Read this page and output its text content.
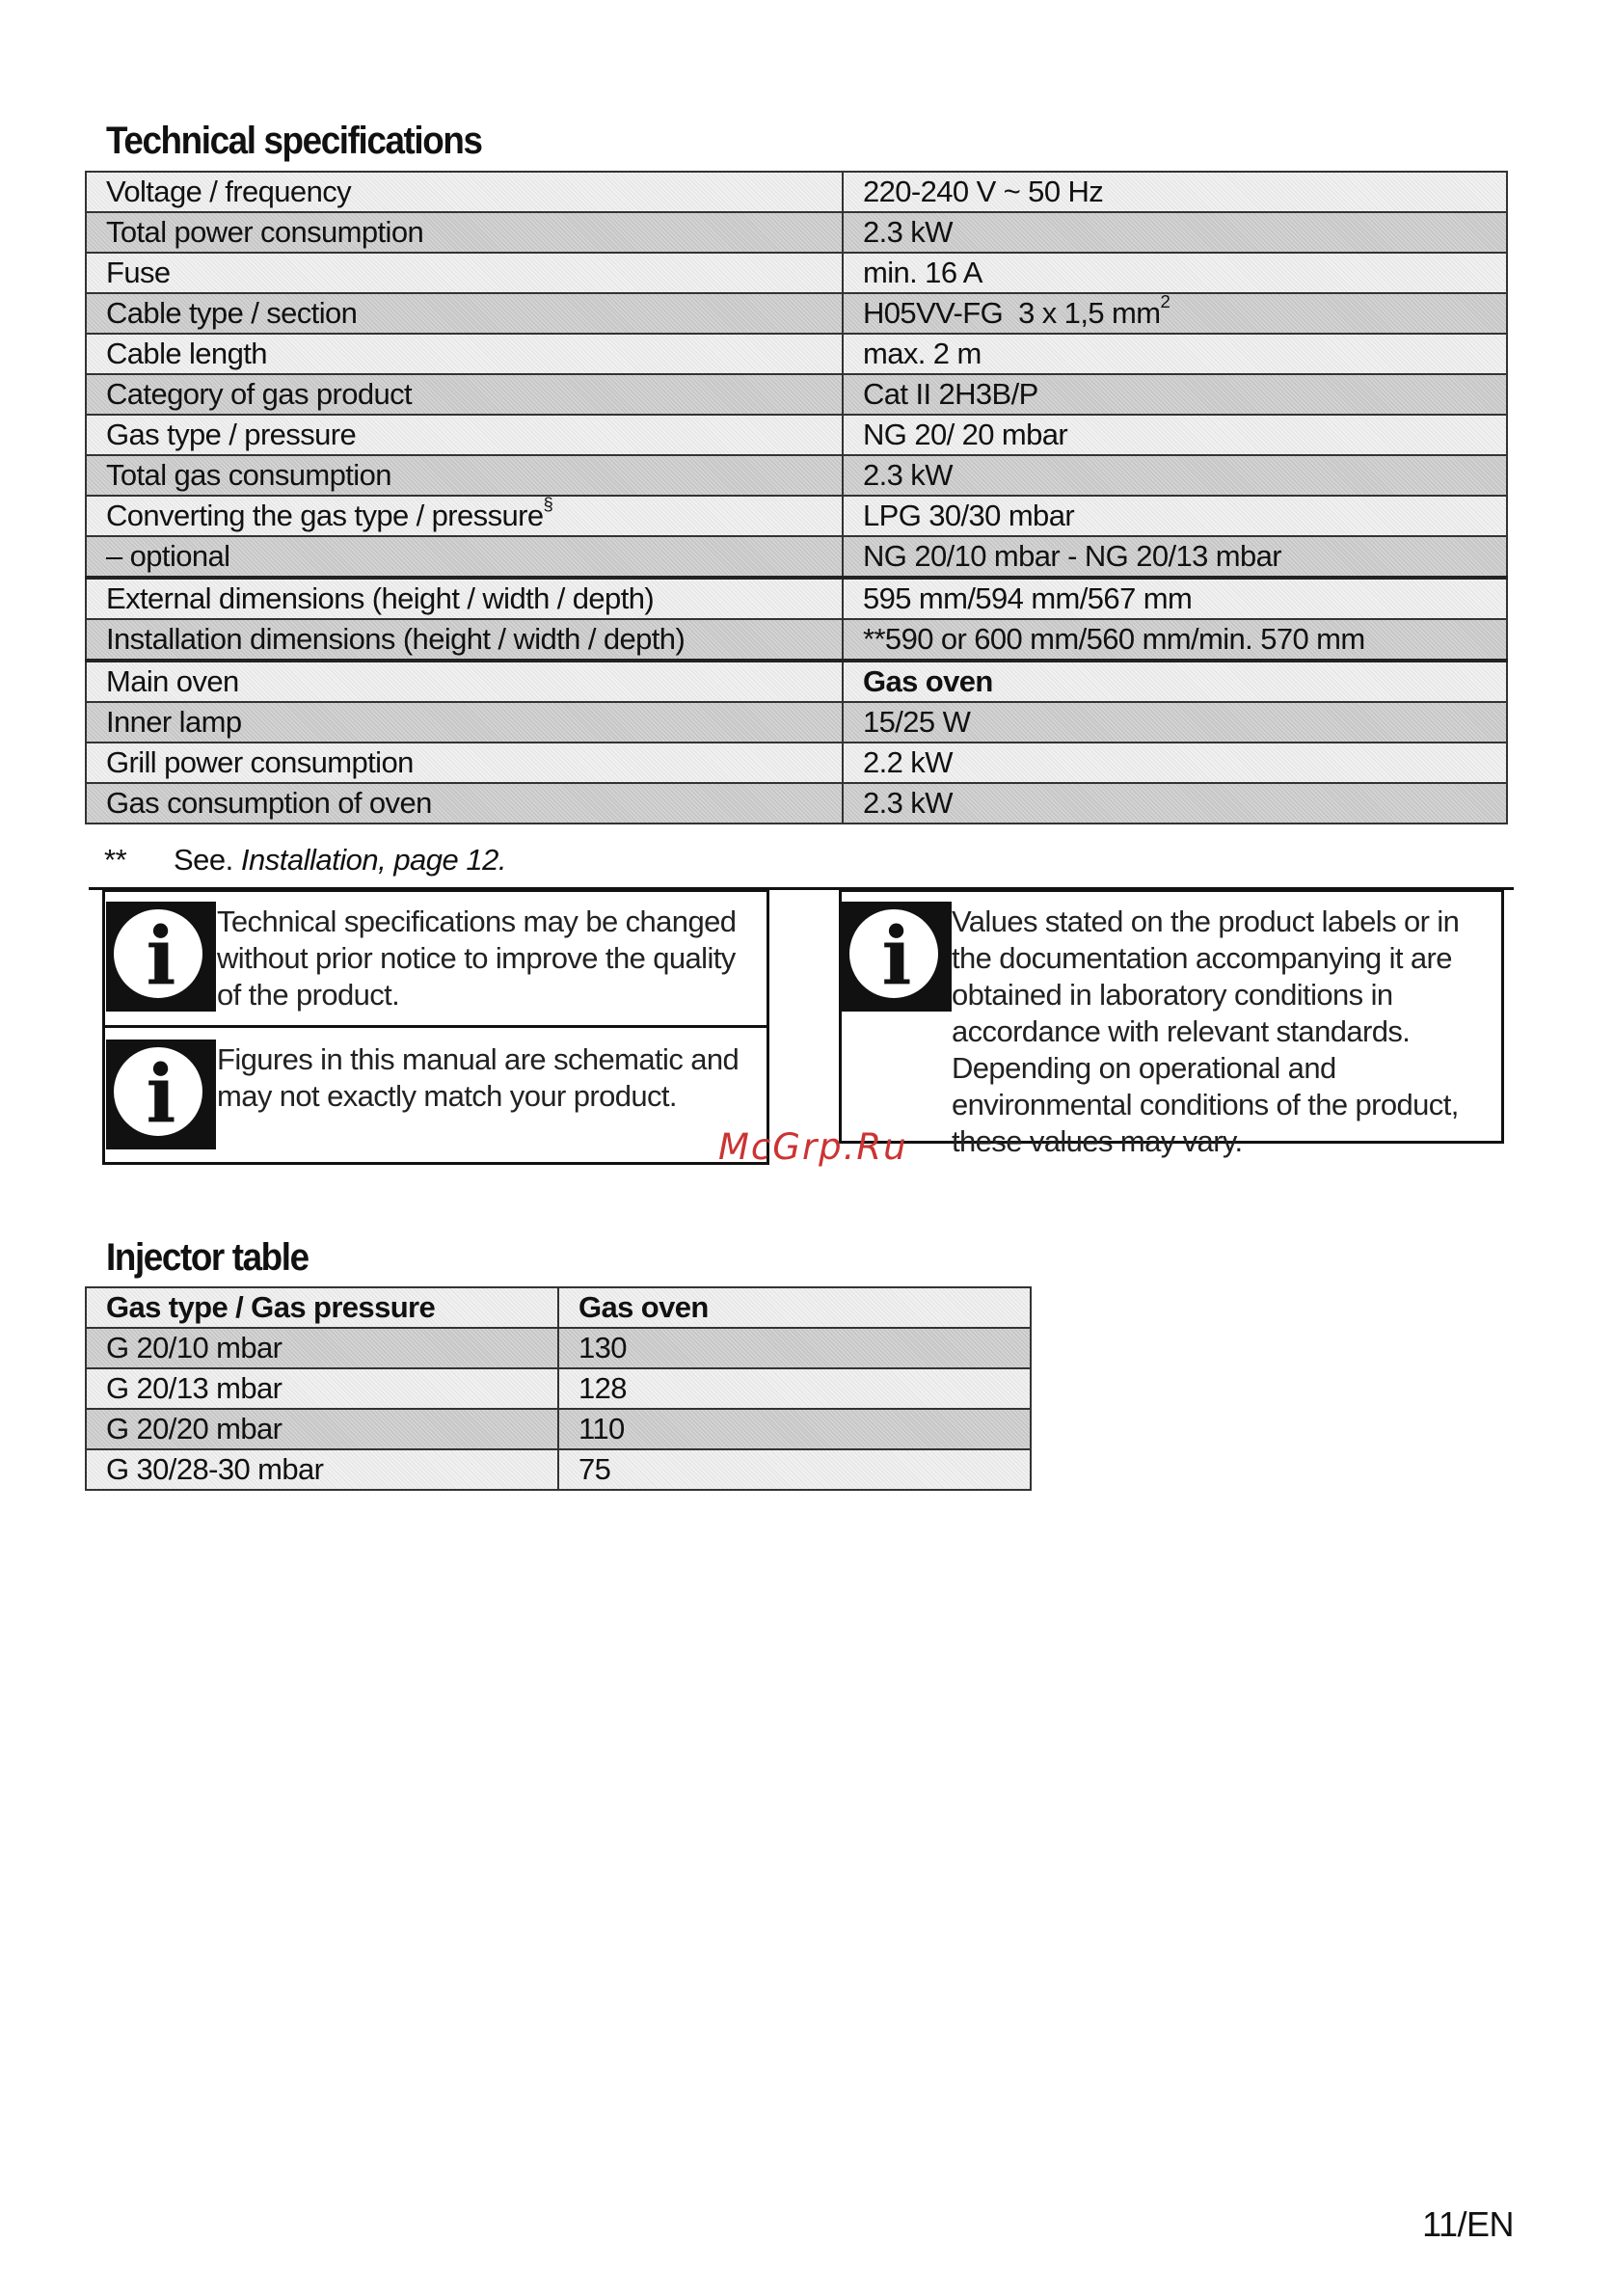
Technical specifications
Voltage / frequency	220-240 V ~ 50 Hz
Total power consumption	2.3 kW
Fuse	min. 16 A
Cable type / section	H05VV-FG  3 x 1,5 $mm^2$
Cable length	max. 2 m
Category of gas product	Cat II 2H3B/P
Gas type / pressure	NG 20/ 20 mbar
Total gas consumption	2.3 kW
Converting the gas type / pressure§	LPG 30/30 mbar
– optional	NG 20/10 mbar - NG 20/13 mbar
External dimensions (height / width / depth)	595 mm/594 mm/567 mm
Installation dimensions (height / width / depth)	**590 or 600 mm/560 mm/min. 570 mm
Main oven	Gas oven
Inner lamp	15/25 W
Grill power consumption	2.2 kW
Gas consumption of oven	2.3 kW
** See. Installation, page 12.
i	Technical specifications may be changed without prior notice to improve the quality of the product.
i	Figures in this manual are schematic and may not exactly match your product.
i	Values stated on the product labels or in the documentation accompanying it are obtained in laboratory conditions in accordance with relevant standards. Depending on operational and environmental conditions of the product, these values may vary.
McGrp.Ru
Injector table
Gas type / Gas pressure	Gas oven
G 20/10 mbar	130
G 20/13 mbar	128
G 20/20 mbar	110
G 30/28-30 mbar	75
11/EN
